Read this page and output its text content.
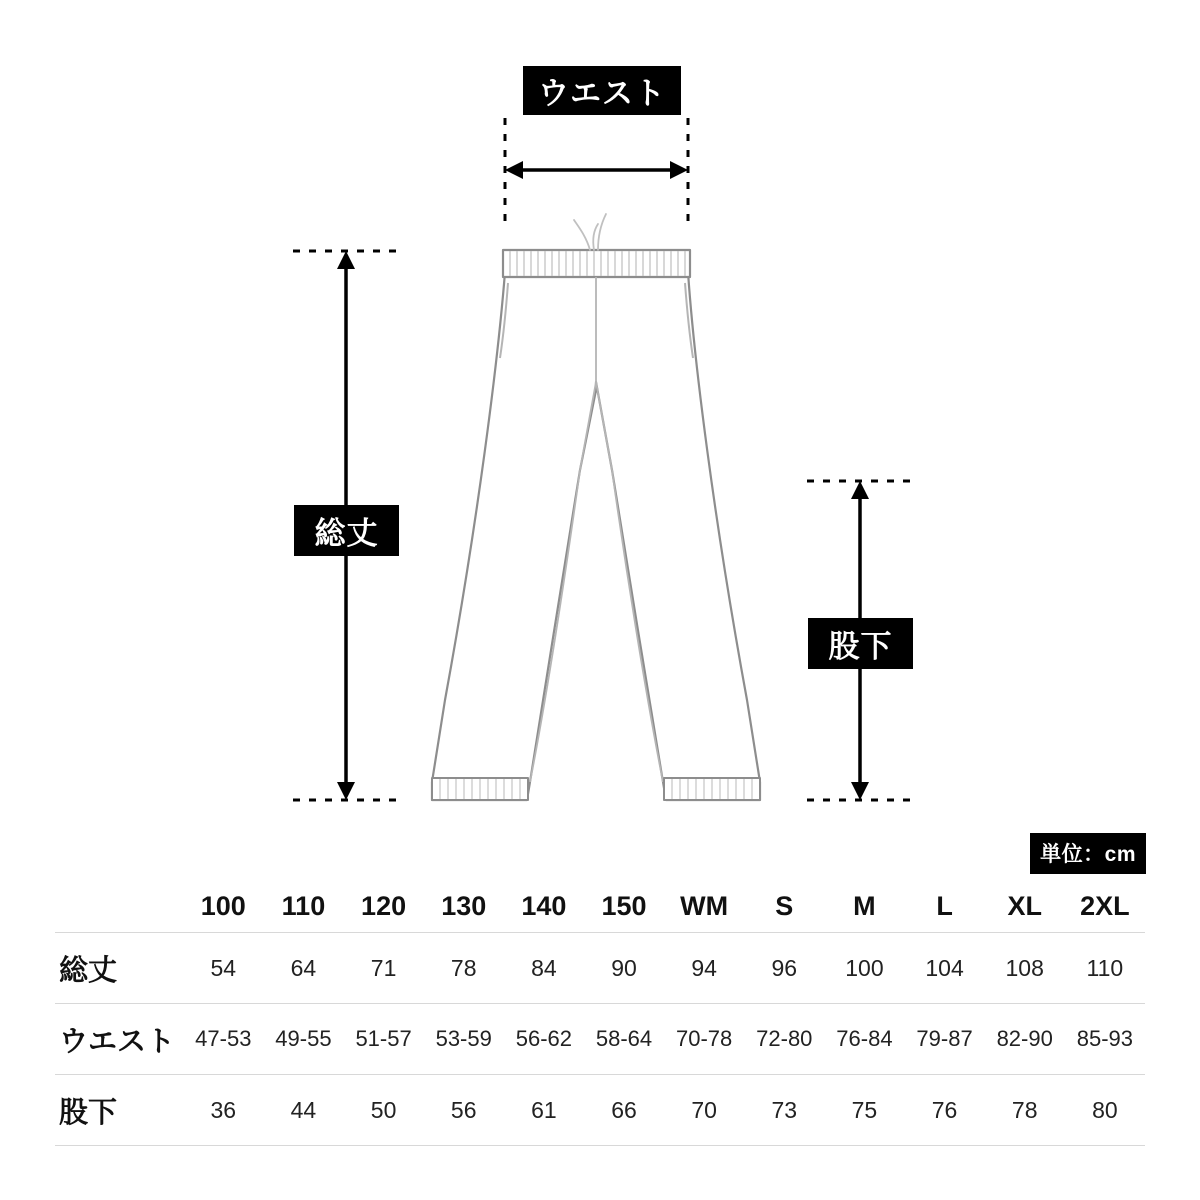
ウエスト
総丈
股下
単位：cm
	100	110	120	130	140	150	WM	S	M	L	XL	2XL
総丈	54	64	71	78	84	90	94	96	100	104	108	110
ウエスト	47-53	49-55	51-57	53-59	56-62	58-64	70-78	72-80	76-84	79-87	82-90	85-93
股下	36	44	50	56	61	66	70	73	75	76	78	80
